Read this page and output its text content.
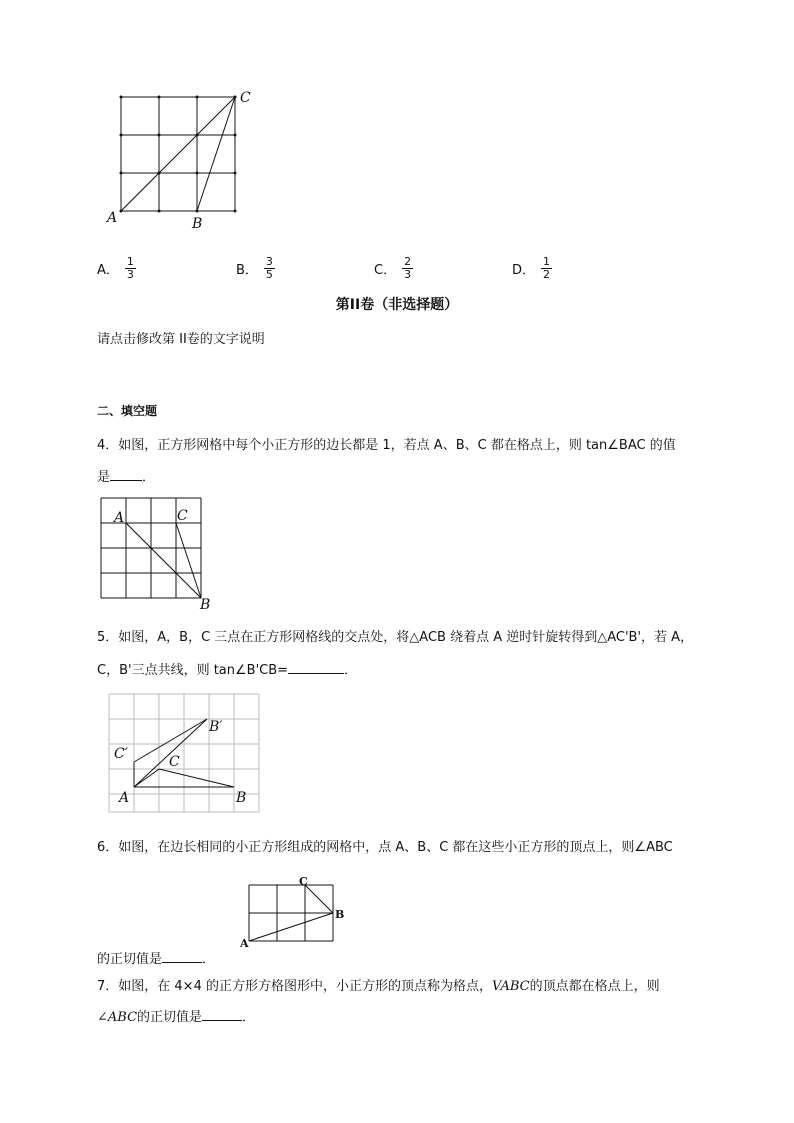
A	B
C
A． $\frac{1}{3}$	B． $\frac{3}{5}$	C． $\frac{2}{3}$	D． $\frac{1}{2}$
第II卷（非选择题）
请点击修改第 II卷的文字说明
二、填空题
4．如图，正方形网格中每个小正方形的边长都是 1，若点 A、B、C 都在格点上，则 tan∠BAC 的值
是 ．
A	C
B
5．如图，A，B，C 三点在正方形网格线的交点处，将△ACB 绕着点 A 逆时针旋转得到△AC'B'，若 A，
C，B'三点共线，则 tan∠B'CB=	．
A	B
C
B′
C′
6．如图，在边长相同的小正方形组成的网格中，点 A、B、C 都在这些小正方形的顶点上，则∠ABC
A
B
C
的正切值是	．
7．如图，在 4×4 的正方形方格图形中，小正方形的顶点称为格点，VABC的顶点都在格点上，则
∠ABC的正切值是	．
